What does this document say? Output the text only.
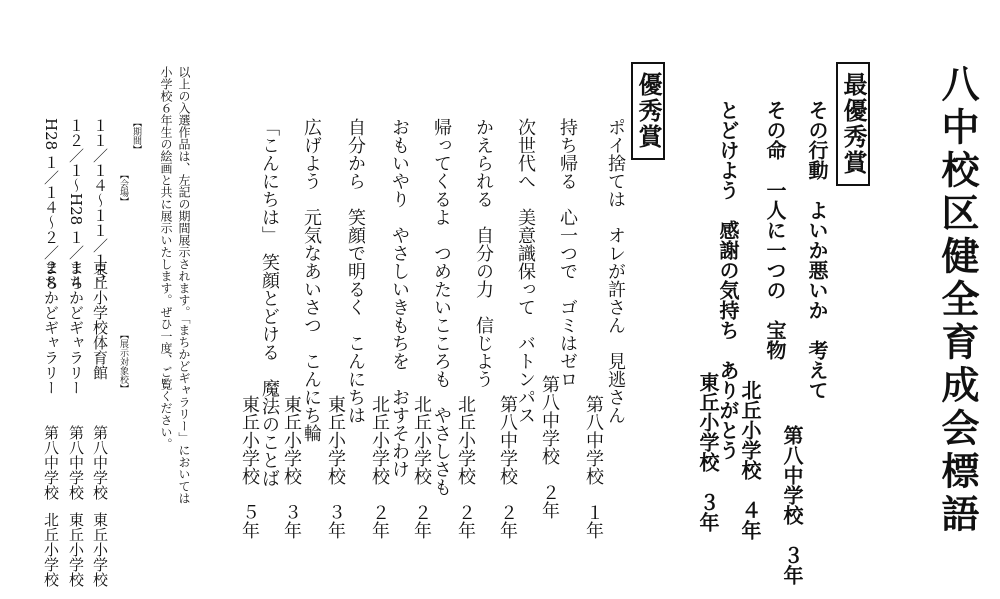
八中校区健全育成会標語
最優秀賞
その行動　よいか悪いか　考えて
第八中学校　３年
その命　一人に一つの　宝物
北丘小学校　４年
とどけよう　感謝の気持ち　ありがとう
東丘小学校　３年
優秀賞
ポイ捨ては　オレが許さん　見逃さん
第八中学校　１年
持ち帰る　心一つで　ゴミはゼロ
第八中学校　２年
次世代へ　美意識保って　バトンパス
第八中学校　２年
かえられる　自分の力　信じよう
北丘小学校　２年
帰ってくるよ　つめたいこころも　やさしさも
北丘小学校　２年
おもいやり　やさしいきもちを　おすそわけ
北丘小学校　２年
自分から　笑顔で明るく　こんにちは
東丘小学校　３年
広げよう　元気なあいさつ　こんにち輪
東丘小学校　３年
「こんにちは」　笑顔とどける　魔法のことば
東丘小学校　５年
以上の入選作品は、左記の期間展示されます。「まちかどギャラリー」においては
小学校６年生の絵画と共に展示いたします。ぜひ一度、ご覧ください。
【期間】
１１／１４～１１／１５
１２／１～H28 １／１４
H28 １／１４～２／２８	【会場】
東丘小学校体育館
まちかどギャラリー
まちかどギャラリー	【展示対象校】
第八中学校
東丘小学校
第八中学校
東丘小学校
第八中学校
北丘小学校
